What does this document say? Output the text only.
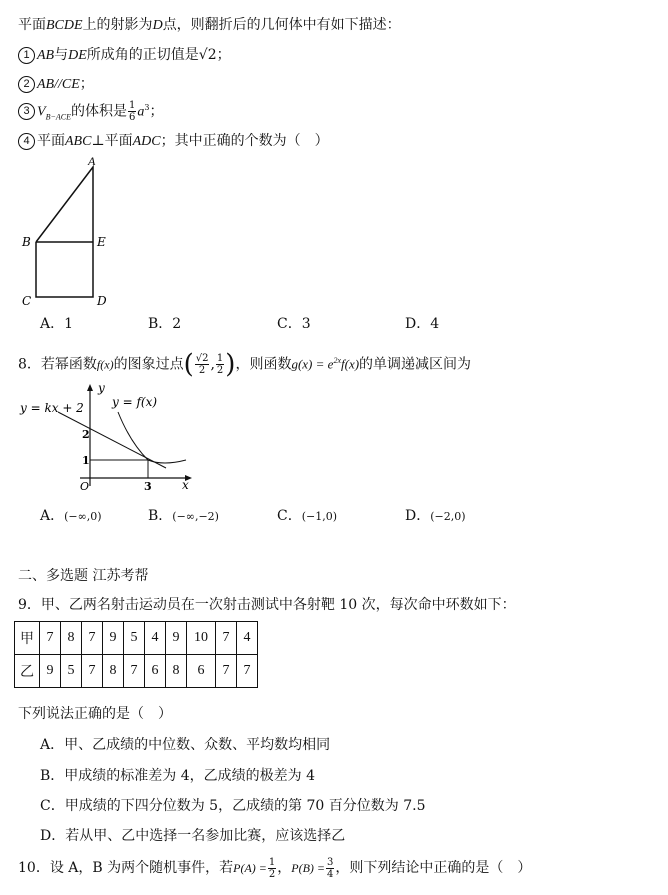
平面BCDE上的射影为D点，则翻折后的几何体中有如下描述：
1 AB与DE所成角的正切值是√2；
2 AB//CE；
3 $V_{B-ACE}$的体积是 $\frac{1}{6} a^3$；
4 平面ABC⊥平面ADC；其中正确的个数为（　）
A
B	E
C	D
A．1	B．2	C．3	D．4
8．若幂函数f(x)的图象过点( $\frac{√2}{2}$ , $\frac{1}{2}$ )，则函数$g(x) = e^{2x}f(x)$的单调递减区间为
y
x
O
y = kx + 2 y = f(x)
2
1
3
A．(−∞,0)	B．(−∞,−2)	C．(−1,0)	D．(−2,0)
二、多选题 江苏考帮
9．甲、乙两名射击运动员在一次射击测试中各射靶 10 次，每次命中环数如下：
甲	7	8	7	9	5	4	9	10	7	4
乙	9	5	7	8	7	6	8	6	7	7
下列说法正确的是（　）
A．甲、乙成绩的中位数、众数、平均数均相同
B．甲成绩的标准差为 4，乙成绩的极差为 4
C．甲成绩的下四分位数为 5，乙成绩的第 70 百分位数为 7.5
D．若从甲、乙中选择一名参加比赛，应该选择乙
10．设 A，B 为两个随机事件，若$P(A) = \frac{1}{2}$ ，$P(B) = \frac{3}{4}$ ，则下列结论中正确的是（　）
